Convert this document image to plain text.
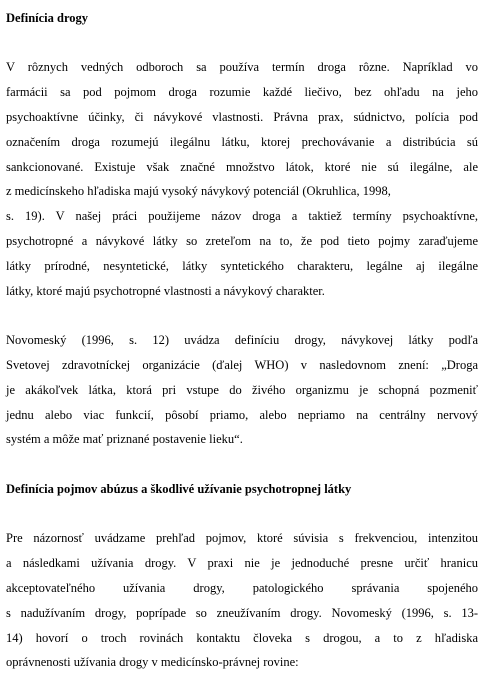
Definícia drogy
V rôznych vedných odboroch sa používa termín droga rôzne. Napríklad vo
farmácii sa pod pojmom droga rozumie každé liečivo, bez ohľadu na jeho
psychoaktívne účinky, či návykové vlastnosti. Právna prax, súdnictvo, polícia pod
označením droga rozumejú ilegálnu látku, ktorej prechovávanie a distribúcia sú
sankcionované. Existuje však značné množstvo látok, ktoré nie sú ilegálne, ale
z medicínskeho hľadiska majú vysoký návykový potenciál (Okruhlica, 1998,
s. 19). V našej práci použijeme názov droga a taktiež termíny psychoaktívne,
psychotropné a návykové látky so zreteľom na to, že pod tieto pojmy zaraďujeme
látky prírodné, nesyntetické, látky syntetického charakteru, legálne aj ilegálne
látky, ktoré majú psychotropné vlastnosti a návykový charakter.
Novomeský (1996, s. 12) uvádza definíciu drogy, návykovej látky podľa
Svetovej zdravotníckej organizácie (ďalej WHO) v nasledovnom znení: „Droga
je akákoľvek látka, ktorá pri vstupe do živého organizmu je schopná pozmeniť
jednu alebo viac funkcií, pôsobí priamo, alebo nepriamo na centrálny nervový
systém a môže mať priznané postavenie lieku“.
Definícia pojmov abúzus a škodlivé užívanie psychotropnej látky
Pre názornosť uvádzame prehľad pojmov, ktoré súvisia s frekvenciou, intenzitou
a následkami užívania drogy. V praxi nie je jednoduché presne určiť hranicu
akceptovateľného užívania drogy, patologického správania spojeného
s nadužívaním drogy, poprípade so zneužívaním drogy. Novomeský (1996, s. 13-
14) hovorí o troch rovinách kontaktu človeka s drogou, a to z hľadiska
oprávnenosti užívania drogy v medicínsko-právnej rovine:
